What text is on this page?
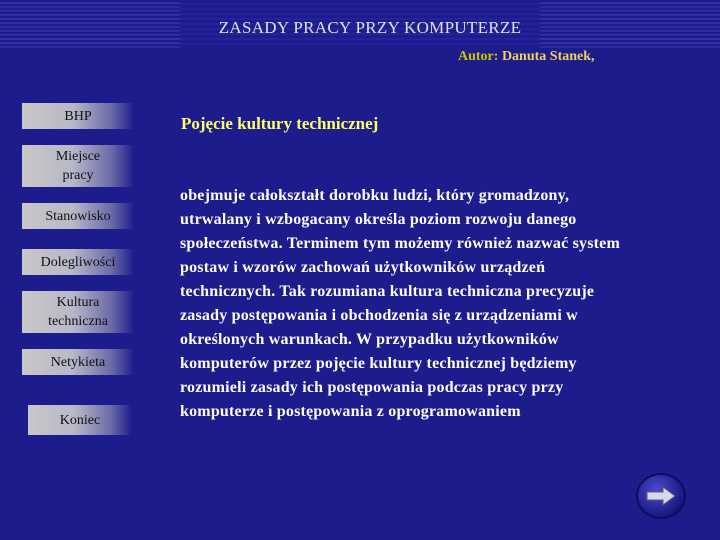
ZASADY PRACY PRZY KOMPUTERZE
Autor: Danuta Stanek,
BHP
Miejsce pracy
Stanowisko
Dolegliwości
Kultura techniczna
Netykieta
Koniec
Pojęcie kultury technicznej
obejmuje całokształt dorobku ludzi, który gromadzony, utrwalany i wzbogacany określa poziom rozwoju danego społeczeństwa. Terminem tym możemy również nazwać system postaw i wzorów zachowań użytkowników urządzeń technicznych. Tak rozumiana kultura techniczna precyzuje zasady postępowania i obchodzenia się z urządzeniami w określonych warunkach. W przypadku użytkowników komputerów przez pojęcie kultury technicznej będziemy rozumieli zasady ich postępowania podczas pracy przy komputerze i postępowania z oprogramowaniem
